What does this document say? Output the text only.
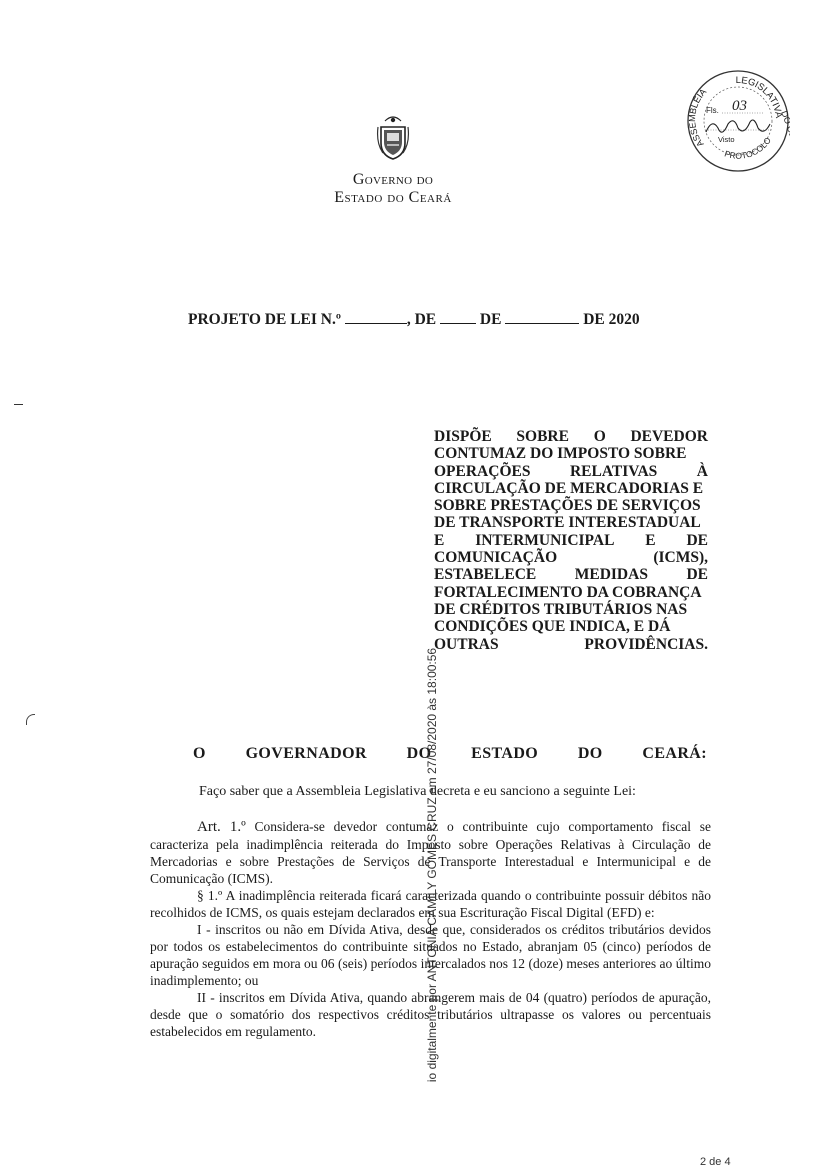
Governo do
Estado do Ceará
LEGISLATIVA
DO CEARÁ
ASSEMBLÉIA
PROTOCOLO
Fls. 03
Visto
PROJETO DE LEI N.º	, DE	DE	DE 2020
DISPÕE SOBRE O DEVEDOR
CONTUMAZ DO IMPOSTO SOBRE
OPERAÇÕES	RELATIVAS	À
CIRCULAÇÃO DE MERCADORIAS E
SOBRE PRESTAÇÕES DE SERVIÇOS
DE TRANSPORTE INTERESTADUAL
E INTERMUNICIPAL E DE
COMUNICAÇÃO	(ICMS),
ESTABELECE MEDIDAS DE
FORTALECIMENTO DA COBRANÇA
DE CRÉDITOS TRIBUTÁRIOS NAS
CONDIÇÕES QUE INDICA, E DÁ
OUTRAS	PROVIDÊNCIAS.
O GOVERNADOR DO ESTADO DO CEARÁ:
Faço saber que a Assembleia Legislativa decreta e eu sanciono a seguinte Lei:

Art. 1.º Considera-se devedor contumaz o contribuinte cujo comportamento fiscal se caracteriza pela inadimplência reiterada do Imposto sobre Operações Relativas à Circulação de Mercadorias e sobre Prestações de Serviços de Transporte Interestadual e Intermunicipal e de Comunicação (ICMS).

§ 1.º A inadimplência reiterada ficará caracterizada quando o contribuinte possuir débitos não recolhidos de ICMS, os quais estejam declarados em sua Escrituração Fiscal Digital (EFD) e:

I - inscritos ou não em Dívida Ativa, desde que, considerados os créditos tributários devidos por todos os estabelecimentos do contribuinte situados no Estado, abranjam 05 (cinco) períodos de apuração seguidos em mora ou 06 (seis) períodos intercalados nos 12 (doze) meses anteriores ao último inadimplemento; ou

II - inscritos em Dívida Ativa, quando abrangerem mais de 04 (quatro) períodos de apuração, desde que o somatório dos respectivos créditos tributários ultrapasse os valores ou percentuais estabelecidos em regulamento.	io digitalmente por ANTONIA CAMILY GOMES CRUZ em 27/08/2020 às 18:00:56
2 de 4
